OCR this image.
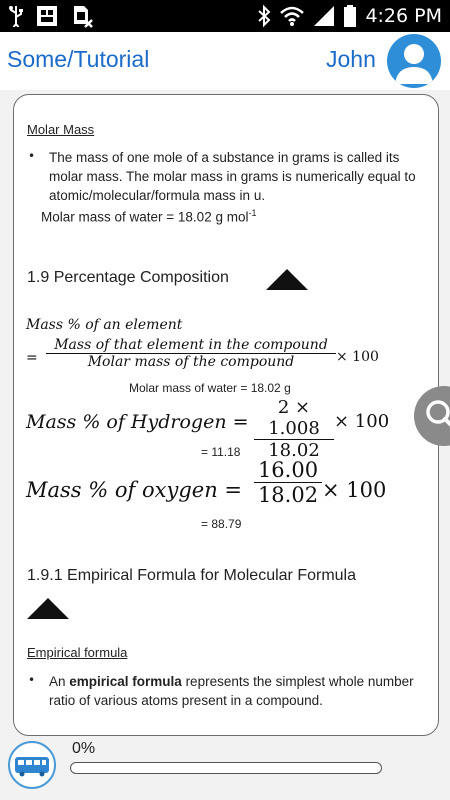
4:26 PM
Some/Tutorial	John
Molar Mass
• The mass of one mole of a substance in grams is called its molar mass. The molar mass in grams is numerically equal to atomic/molecular/formula mass in u.
Molar mass of water = 18.02 g mol$^{-1}$
1.9 Percentage Composition
Mass % of an element
=
Mass of that element in the compound
Molar mass of the compound	× 100
Molar mass of water = 18.02 g
Mass % of Hydrogen =
2 × 1.008
18.02
× 100
= 11.18
Mass % of oxygen =
16.00
18.02 × 100
= 88.79
1.9.1 Empirical Formula for Molecular Formula
Empirical formula
• An empirical formula represents the simplest whole number ratio of various atoms present in a compound.
0%
